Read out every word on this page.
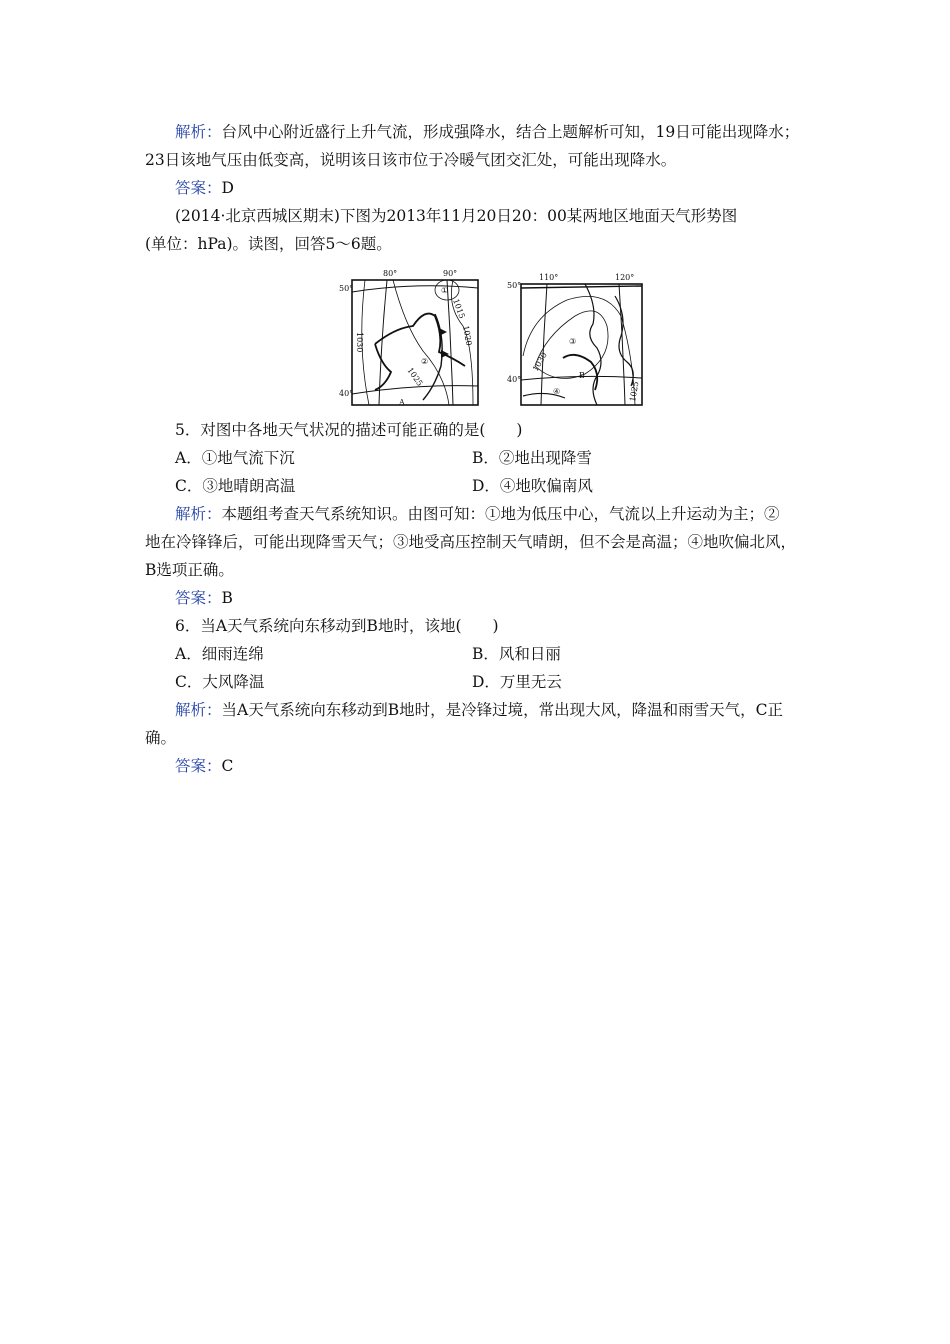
解析：台风中心附近盛行上升气流，形成强降水，结合上题解析可知，19日可能出现降水；
23日该地气压由低变高，说明该日该市位于冷暖气团交汇处，可能出现降水。
答案：D
(2014·北京西城区期末)下图为2013年11月20日20：00某两地区地面天气形势图
(单位：hPa)。读图，回答5～6题。
50°
40°
80°	90°
①
②
A
1015
1020
1025
1030
50°
40°
110°	120°
③
④
B
1030
1025
5．对图中各地天气状况的描述可能正确的是(　　)
A．①地气流下沉	B．②地出现降雪
C．③地晴朗高温	D．④地吹偏南风
解析：本题组考查天气系统知识。由图可知：①地为低压中心，气流以上升运动为主；②
地在冷锋锋后，可能出现降雪天气；③地受高压控制天气晴朗，但不会是高温；④地吹偏北风，
B选项正确。
答案：B
6．当A天气系统向东移动到B地时，该地(　　)
A．细雨连绵	B．风和日丽
C．大风降温	D．万里无云
解析：当A天气系统向东移动到B地时，是冷锋过境，常出现大风，降温和雨雪天气，C正
确。
答案：C
